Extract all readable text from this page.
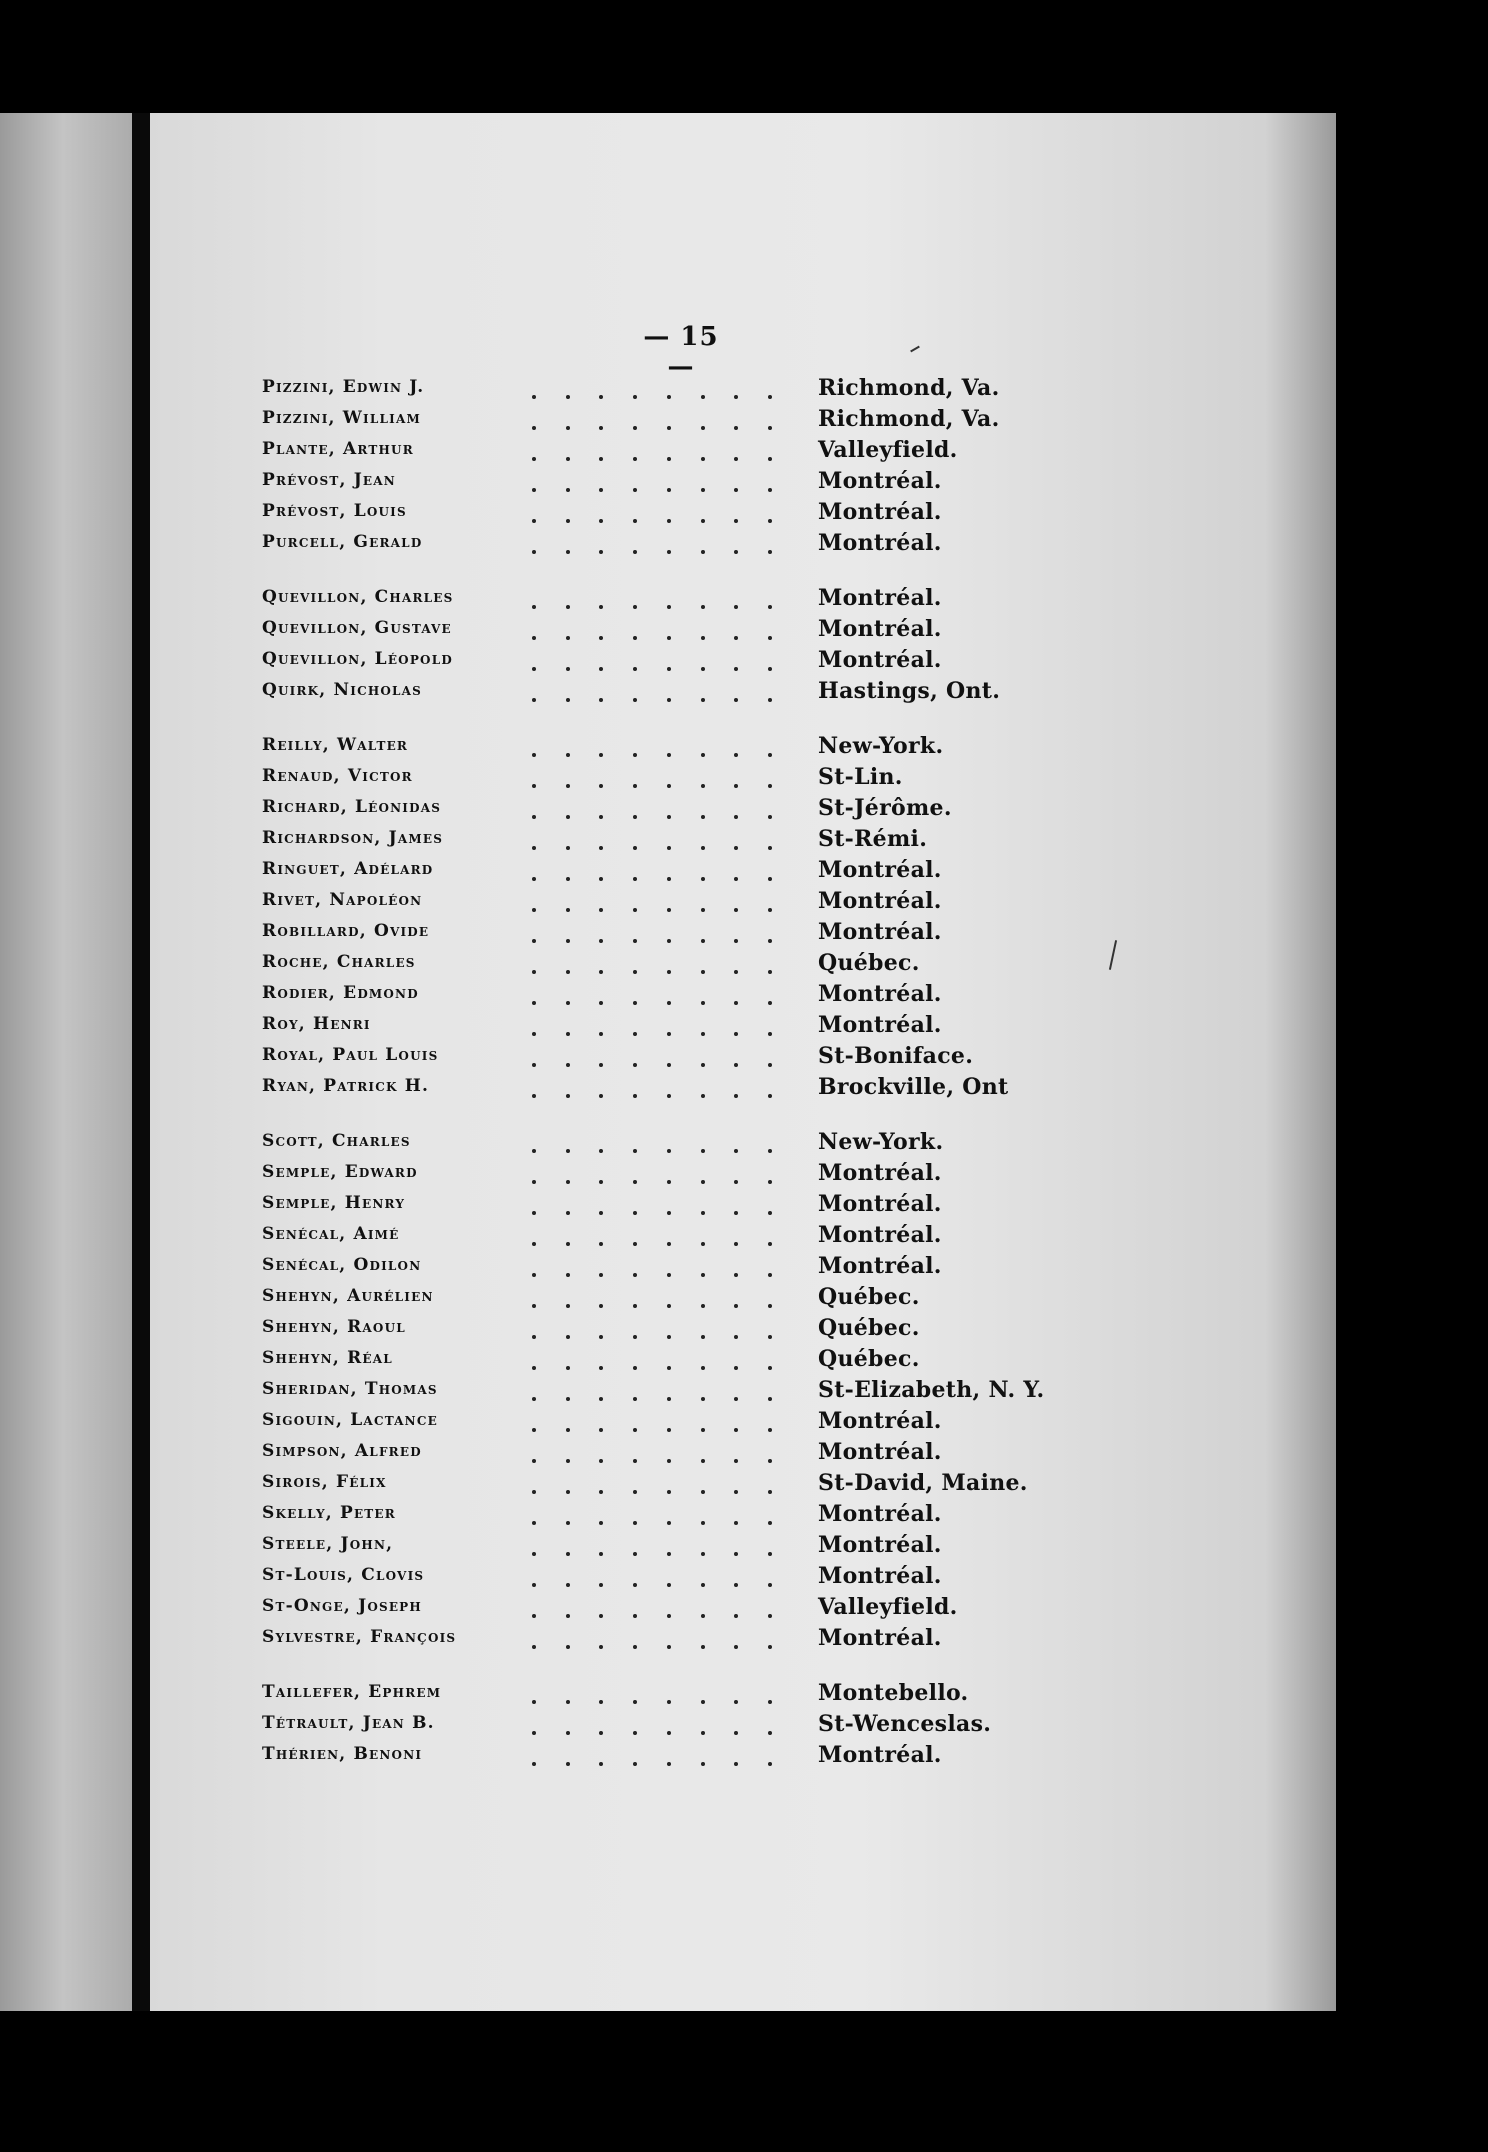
— 15 —
Pizzini, Edwin J.	Richmond, Va.
Pizzini, William	Richmond, Va.
Plante, Arthur	Valleyfield.
Prévost, Jean	Montréal.
Prévost, Louis	Montréal.
Purcell, Gerald	Montréal.
Quevillon, Charles	Montréal.
Quevillon, Gustave	Montréal.
Quevillon, Léopold	Montréal.
Quirk, Nicholas	Hastings, Ont.
Reilly, Walter	New-York.
Renaud, Victor	St-Lin.
Richard, Léonidas	St-Jérôme.
Richardson, James	St-Rémi.
Ringuet, Adélard	Montréal.
Rivet, Napoléon	Montréal.
Robillard, Ovide	Montréal.
Roche, Charles	Québec.
Rodier, Edmond	Montréal.
Roy, Henri	Montréal.
Royal, Paul Louis	St-Boniface.
Ryan, Patrick H.	Brockville, Ont
Scott, Charles	New-York.
Semple, Edward	Montréal.
Semple, Henry	Montréal.
Senécal, Aimé	Montréal.
Senécal, Odilon	Montréal.
Shehyn, Aurélien	Québec.
Shehyn, Raoul	Québec.
Shehyn, Réal	Québec.
Sheridan, Thomas	St-Elizabeth, N. Y.
Sigouin, Lactance	Montréal.
Simpson, Alfred	Montréal.
Sirois, Félix	St-David, Maine.
Skelly, Peter	Montréal.
Steele, John,	Montréal.
St-Louis, Clovis	Montréal.
St-Onge, Joseph	Valleyfield.
Sylvestre, François	Montréal.
Taillefer, Ephrem	Montebello.
Tétrault, Jean B.	St-Wenceslas.
Thérien, Benoni	Montréal.
